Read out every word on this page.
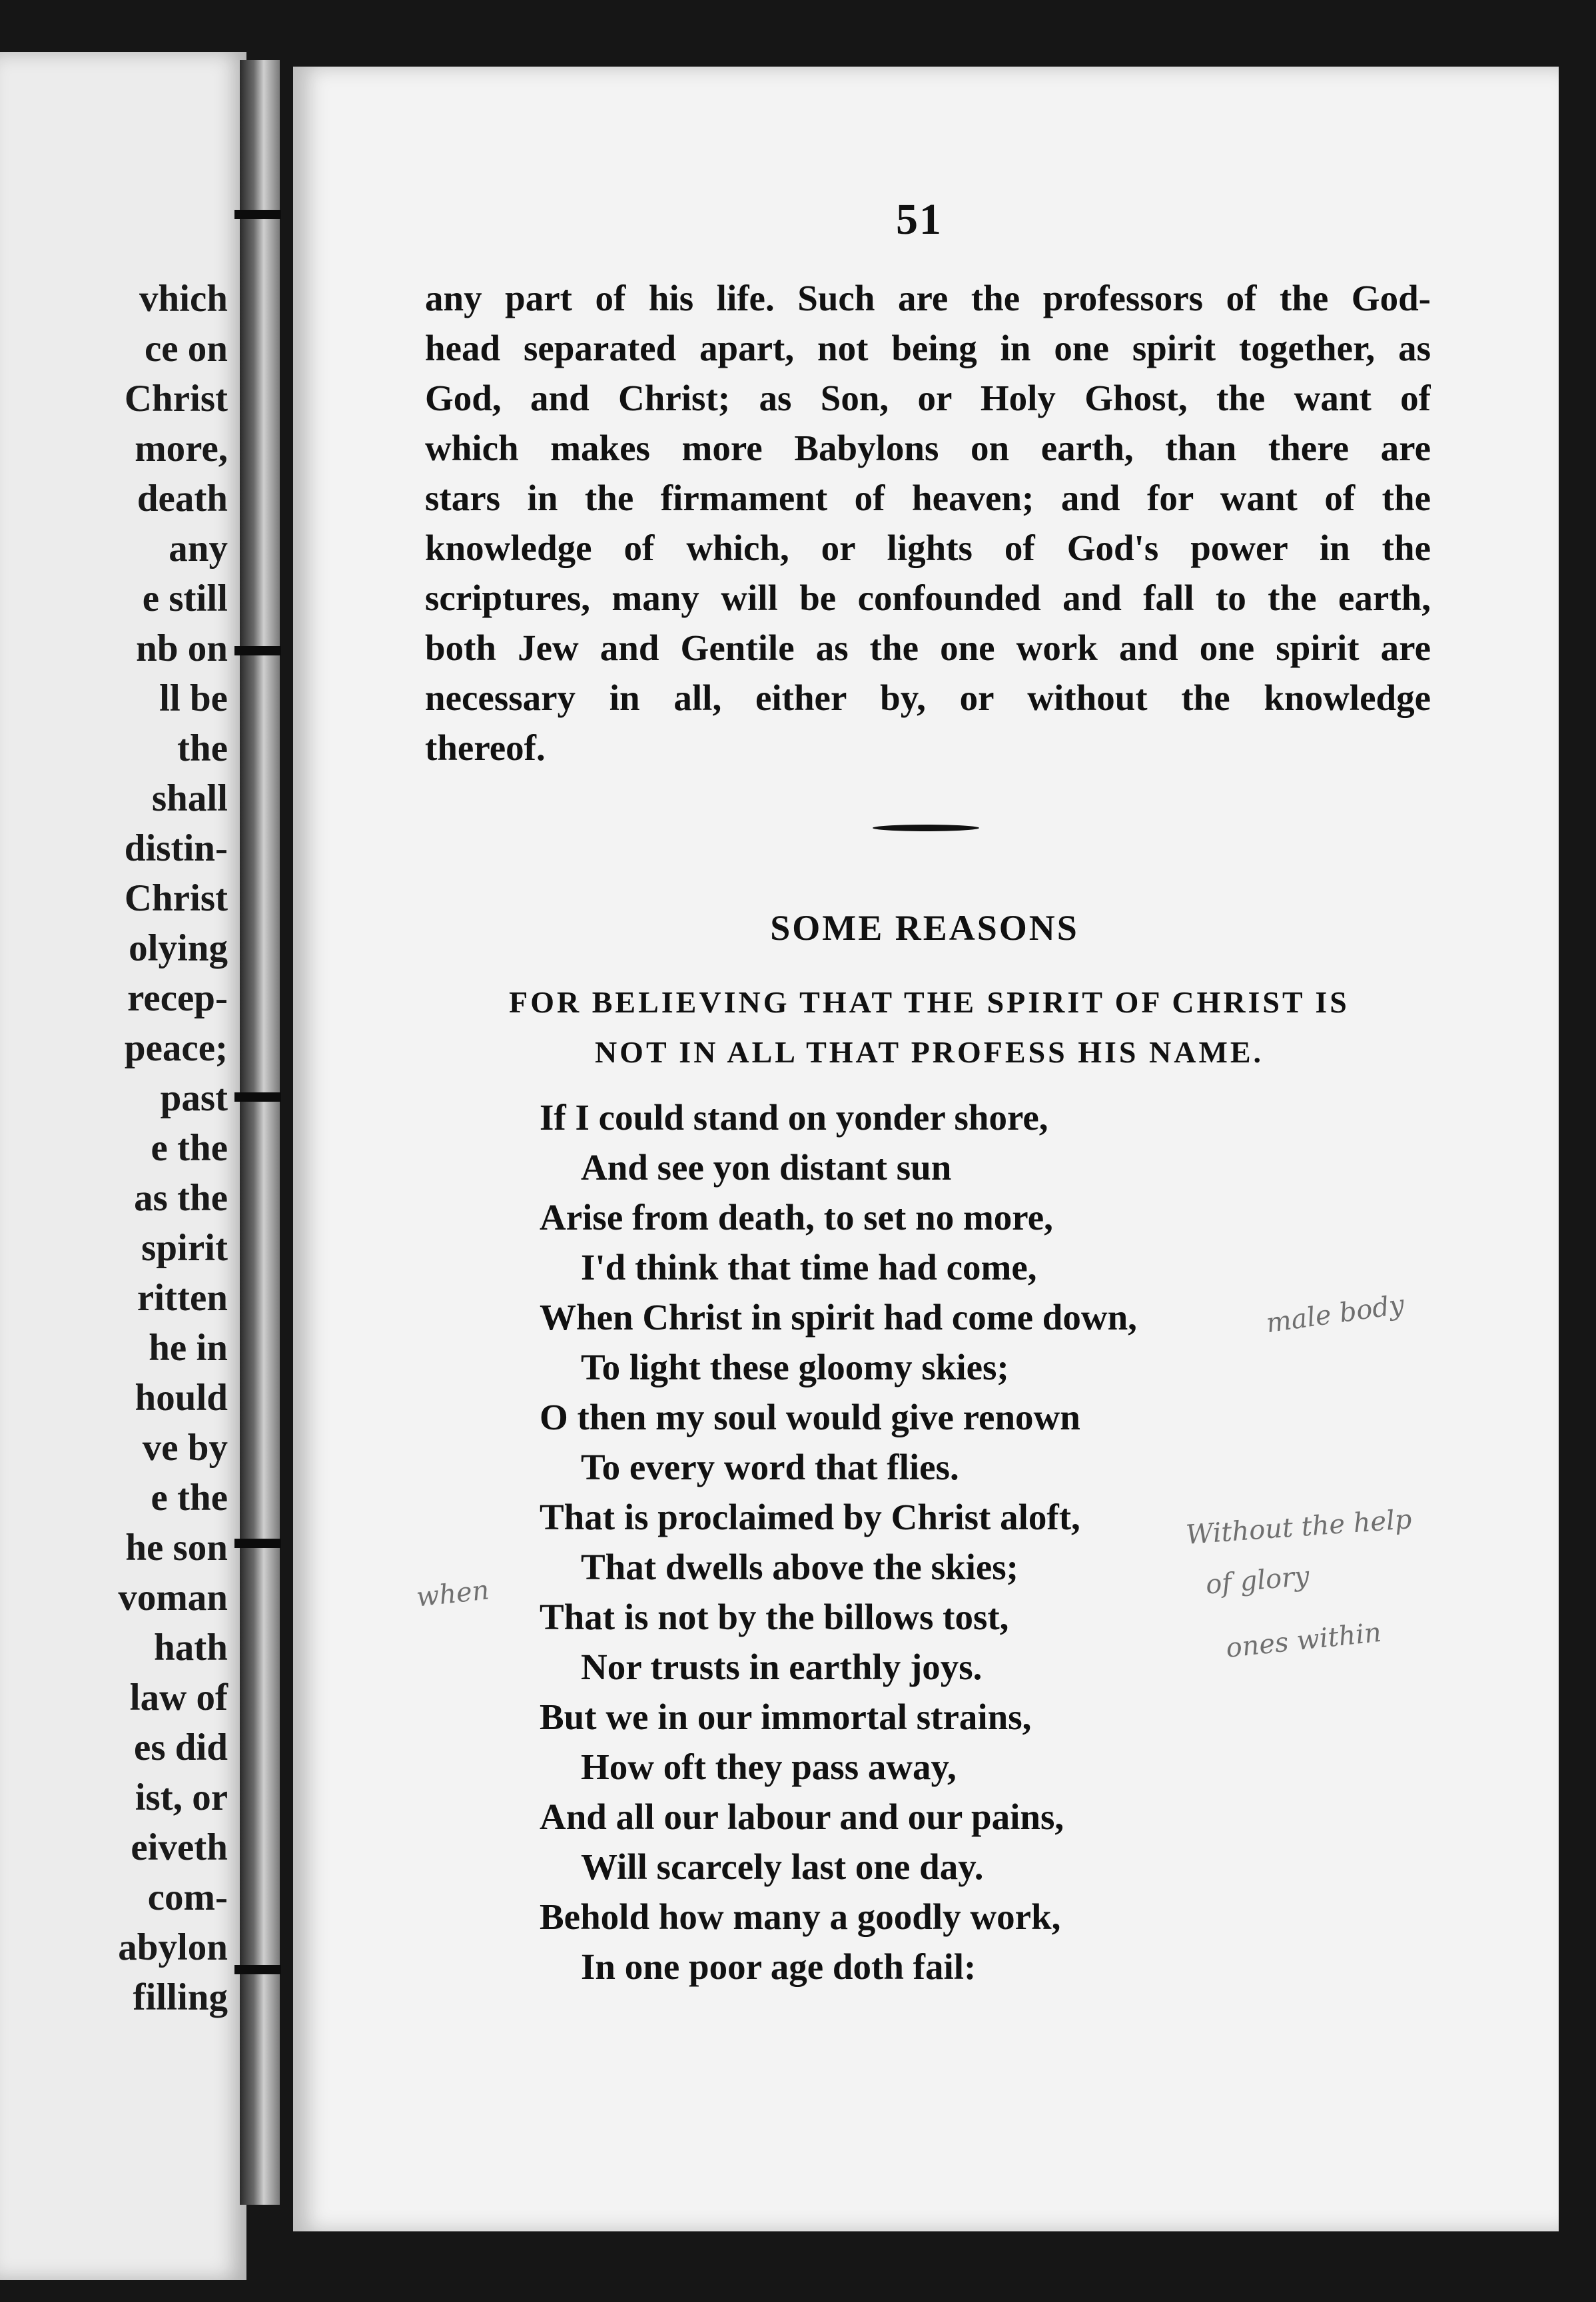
vhich
ce on
Christ
more,
death
any
e still
nb on
ll be
the
shall
distin-
Christ
olying
recep-
peace;
past
e the
as the
spirit
ritten
he in
hould
ve by
e the
he son
voman
hath
law of
es did
ist, or
eiveth
com-
abylon
filling
51
any part of his life. Such are the professors of the God-
head separated apart, not being in one spirit together, as
God, and Christ; as Son, or Holy Ghost, the want of
which makes more Babylons on earth, than there are
stars in the firmament of heaven; and for want of the
knowledge of which, or lights of God's power in the
scriptures, many will be confounded and fall to the earth,
both Jew and Gentile as the one work and one spirit are
necessary in all, either by, or without the knowledge
thereof.
SOME REASONS
FOR BELIEVING THAT THE SPIRIT OF CHRIST IS
NOT IN ALL THAT PROFESS HIS NAME.
If I could stand on yonder shore,
And see yon distant sun
Arise from death, to set no more,
I'd think that time had come,
When Christ in spirit had come down,
To light these gloomy skies;
O then my soul would give renown
To every word that flies.
That is proclaimed by Christ aloft,
That dwells above the skies;
That is not by the billows tost,
Nor trusts in earthly joys.
But we in our immortal strains,
How oft they pass away,
And all our labour and our pains,
Will scarcely last one day.
Behold how many a goodly work,
In one poor age doth fail:
male body
Without the help
of glory
ones within
when
